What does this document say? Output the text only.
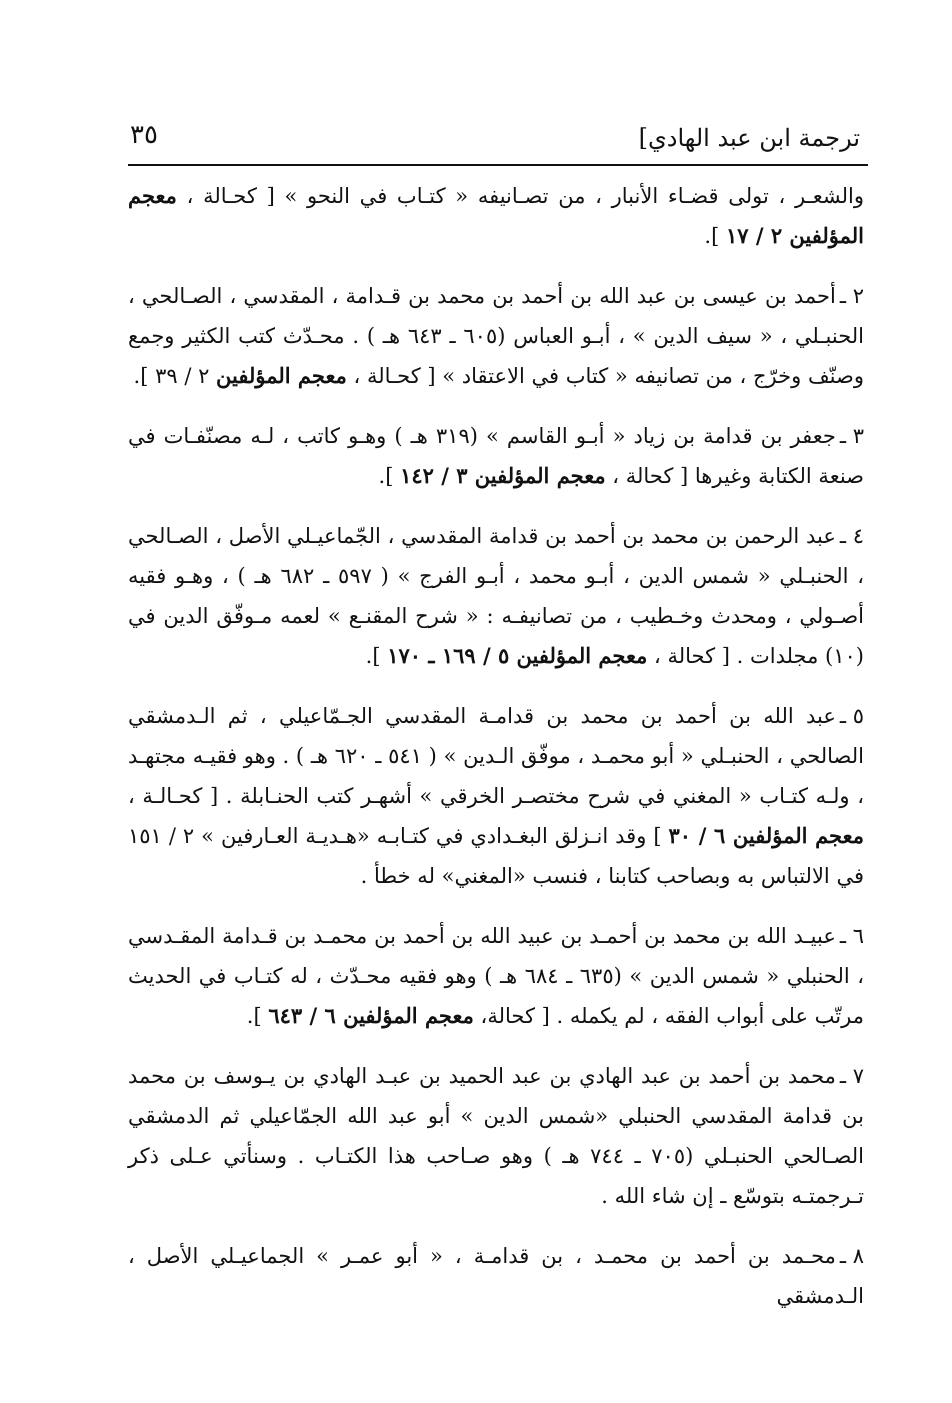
ترجمة ابن عبد الهادي]
٣٥

والشعـر ، تولى قضـاء الأنبار ، من تصـانيفه « كتـاب في النحو » [ كحـالة ، معجم المؤلفين ٢ / ١٧ ].

٢ ـأحمد بن عيسى بن عبد الله بن أحمد بن محمد بن قـدامة ، المقدسي ، الصـالحي ، الحنبـلي ، « سيف الدين » ، أبـو العباس (٦٠٥ ـ ٦٤٣ هـ ) . محـدّث كتب الكثير وجمع وصنّف وخرّج ، من تصانيفه « كتاب في الاعتقاد » [ كحـالة ، معجم المؤلفين ٢ / ٣٩ ].

٣ ـجعفر بن قدامة بن زياد « أبـو القاسم » (٣١٩ هـ ) وهـو كاتب ، لـه مصنّفـات في صنعة الكتابة وغيرها [ كحالة ، معجم المؤلفين ٣ / ١٤٢ ].

٤ ـعبد الرحمن بن محمد بن أحمد بن قدامة المقدسي ، الجّماعيـلي الأصل ، الصـالحي ، الحنبـلي « شمس الدين ، أبـو محمد ، أبـو الفرج » ( ٥٩٧ ـ ٦٨٢ هـ ) ، وهـو فقيه أصـولي ، ومحدث وخـطيب ، من تصانيفـه : « شرح المقنـع » لعمه مـوفّق الدين في (١٠) مجلدات . [ كحالة ، معجم المؤلفين ٥ / ١٦٩ ـ ١٧٠ ].

٥ ـعبد الله بن أحمد بن محمد بن قدامـة المقدسي الجـمّاعيلي ، ثم الـدمشقي الصالحي ، الحنبـلي « أبو محمـد ، موفّق الـدين » ( ٥٤١ ـ ٦٢٠ هـ ) . وهو فقيـه مجتهـد ، ولـه كتـاب « المغني في شرح مختصـر الخرقي » أشهـر كتب الحنـابلة . [ كحـالـة ، معجم المؤلفين ٦ / ٣٠ ] وقد انـزلق البغـدادي في كتـابـه «هـديـة العـارفين » ٢ / ١٥١ في الالتباس به وبصاحب كتابنا ، فنسب «المغني» له خطأ .

٦ ـعبيـد الله بن محمد بن أحمـد بن عبيد الله بن أحمد بن محمـد بن قـدامة المقـدسي ، الحنبلي « شمس الدين » (٦٣٥ ـ ٦٨٤ هـ ) وهو فقيه محـدّث ، له كتـاب في الحديث مرتّب على أبواب الفقه ، لم يكمله . [ كحالة، معجم المؤلفين ٦ / ٦٤٣ ].

٧ ـمحمد بن أحمد بن عبد الهادي بن عبد الحميد بن عبـد الهادي بن يـوسف بن محمد بن قدامة المقدسي الحنبلي «شمس الدين » أبو عبد الله الجمّاعيلي ثم الدمشقي الصـالحي الحنبـلي (٧٠٥ ـ ٧٤٤ هـ ) وهو صـاحب هذا الكتـاب . وسنأتي عـلى ذكر تـرجمتـه بتوسّع ـ إن شاء الله .

٨ ـمحـمد بن أحمد بن محمـد ، بن قدامـة ، « أبو عمـر » الجماعيـلي الأصل ، الـدمشقي
